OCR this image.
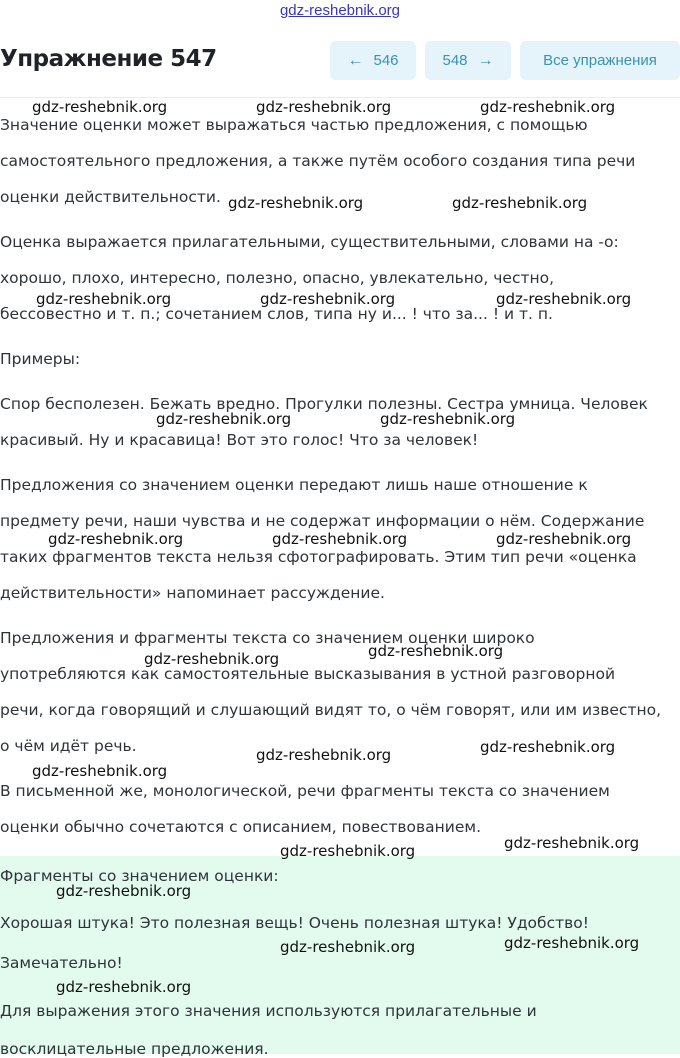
gdz-reshebnik.org
Упражнение 547	← 546	548 →	Все упражнения
Значение оценки может выражаться частью предложения, с помощью
самостоятельного предложения, а также путём особого создания типа речи
оценки действительности.
Оценка выражается прилагательными, существительными, словами на -о:
хорошо, плохо, интересно, полезно, опасно, увлекательно, честно,
бессовестно и т. п.; сочетанием слов, типа ну и... ! что за... ! и т. п.
Примеры:
Спор бесполезен. Бежать вредно. Прогулки полезны. Сестра умница. Человек
красивый. Ну и красавица! Вот это голос! Что за человек!
Предложения со значением оценки передают лишь наше отношение к
предмету речи, наши чувства и не содержат информации о нём. Содержание
таких фрагментов текста нельзя сфотографировать. Этим тип речи «оценка
действительности» напоминает рассуждение.
Предложения и фрагменты текста со значением оценки широко
употребляются как самостоятельные высказывания в устной разговорной
речи, когда говорящий и слушающий видят то, о чём говорят, или им известно,
о чём идёт речь.
В письменной же, монологической, речи фрагменты текста со значением
оценки обычно сочетаются с описанием, повествованием.
Фрагменты со значением оценки:
Хорошая штука! Это полезная вещь! Очень полезная штука! Удобство!
Замечательно!
Для выражения этого значения используются прилагательные и
восклицательные предложения.
gdz-reshebnik.org	gdz-reshebnik.org	gdz-reshebnik.org
gdz-reshebnik.org	gdz-reshebnik.org
gdz-reshebnik.org	gdz-reshebnik.org	gdz-reshebnik.org
gdz-reshebnik.org	gdz-reshebnik.org
gdz-reshebnik.org	gdz-reshebnik.org	gdz-reshebnik.org
gdz-reshebnik.org	gdz-reshebnik.org
gdz-reshebnik.org	gdz-reshebnik.org
gdz-reshebnik.org
gdz-reshebnik.org	gdz-reshebnik.org
gdz-reshebnik.org
gdz-reshebnik.org	gdz-reshebnik.org
gdz-reshebnik.org
